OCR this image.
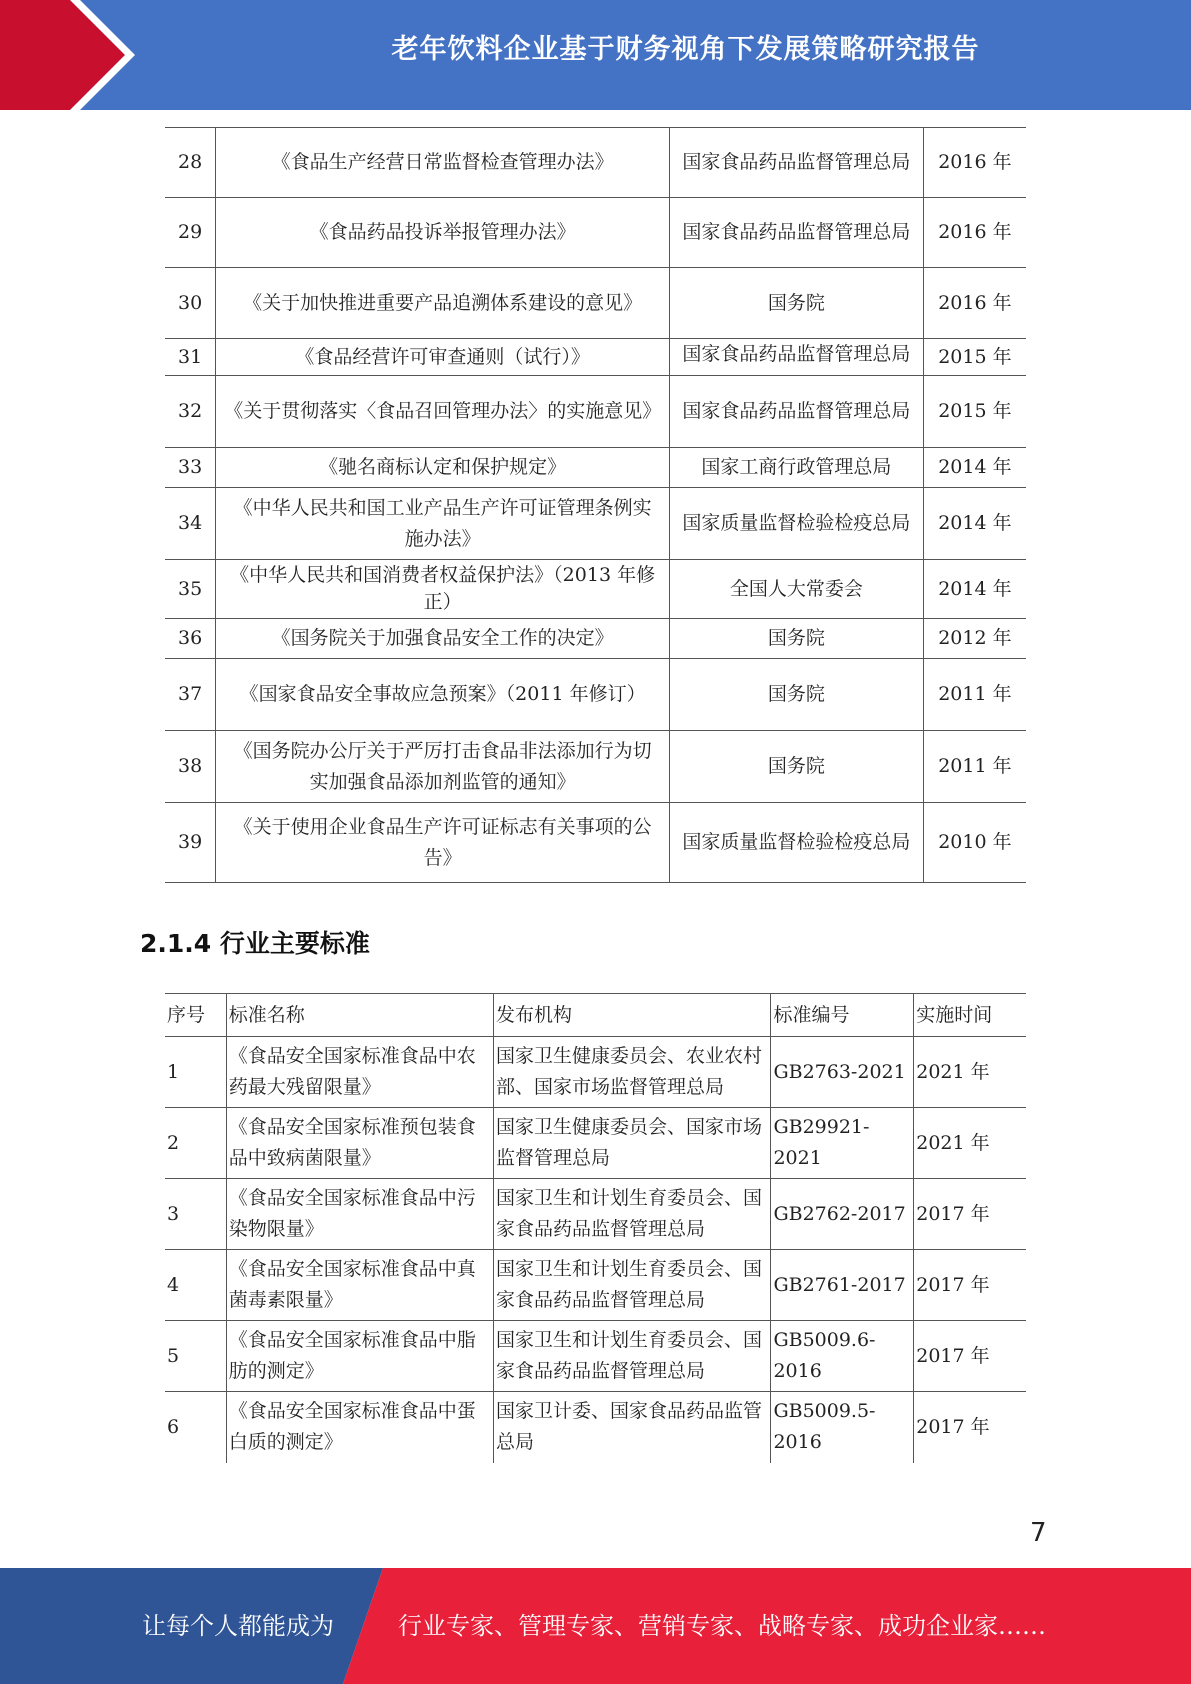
老年饮料企业基于财务视角下发展策略研究报告
28	《食品生产经营日常监督检查管理办法》	国家食品药品监督管理总局	2016 年
29	《食品药品投诉举报管理办法》	国家食品药品监督管理总局	2016 年
30	《关于加快推进重要产品追溯体系建设的意见》	国务院	2016 年
31	《食品经营许可审查通则（试行）》	国家食品药品监督管理总局	2015 年
32	《关于贯彻落实〈食品召回管理办法〉的实施意见》	国家食品药品监督管理总局	2015 年
33	《驰名商标认定和保护规定》	国家工商行政管理总局	2014 年
34	《中华人民共和国工业产品生产许可证管理条例实施办法》	国家质量监督检验检疫总局	2014 年
35	《中华人民共和国消费者权益保护法》（2013 年修正）	全国人大常委会	2014 年
36	《国务院关于加强食品安全工作的决定》	国务院	2012 年
37	《国家食品安全事故应急预案》（2011 年修订）	国务院	2011 年
38	《国务院办公厅关于严厉打击食品非法添加行为切实加强食品添加剂监管的通知》	国务院	2011 年
39	《关于使用企业食品生产许可证标志有关事项的公告》	国家质量监督检验检疫总局	2010 年
2.1.4 行业主要标准
序号	标准名称	发布机构	标准编号	实施时间
1	《食品安全国家标准食品中农药最大残留限量》	国家卫生健康委员会、农业农村部、国家市场监督管理总局	GB2763-2021	2021 年
2	《食品安全国家标准预包装食品中致病菌限量》	国家卫生健康委员会、国家市场监督管理总局	GB29921-2021	2021 年
3	《食品安全国家标准食品中污染物限量》	国家卫生和计划生育委员会、国家食品药品监督管理总局	GB2762-2017	2017 年
4	《食品安全国家标准食品中真菌毒素限量》	国家卫生和计划生育委员会、国家食品药品监督管理总局	GB2761-2017	2017 年
5	《食品安全国家标准食品中脂肪的测定》	国家卫生和计划生育委员会、国家食品药品监督管理总局	GB5009.6-2016	2017 年
6	《食品安全国家标准食品中蛋白质的测定》	国家卫计委、国家食品药品监管总局	GB5009.5-2016	2017 年
7
让每个人都能成为	行业专家、管理专家、营销专家、战略专家、成功企业家……
